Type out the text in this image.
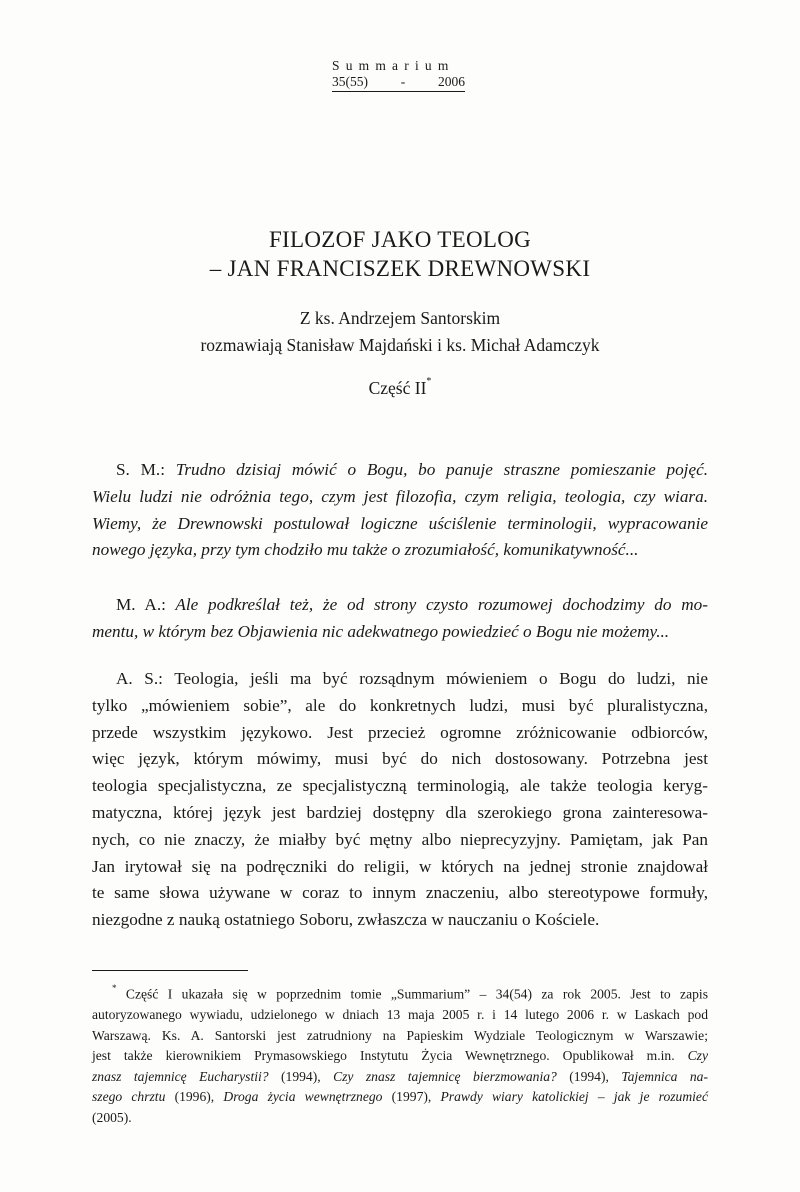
Summarium
35(55) - 2006
FILOZOF JAKO TEOLOG
– JAN FRANCISZEK DREWNOWSKI
Z ks. Andrzejem Santorskim
rozmawiają Stanisław Majdański i ks. Michał Adamczyk
Część II*
S. M.: Trudno dzisiaj mówić o Bogu, bo panuje straszne pomieszanie pojęć.
Wielu ludzi nie odróżnia tego, czym jest filozofia, czym religia, teologia, czy wiara.
Wiemy, że Drewnowski postulował logiczne uściślenie terminologii, wypracowanie
nowego języka, przy tym chodziło mu także o zrozumiałość, komunikatywność...
M. A.: Ale podkreślał też, że od strony czysto rozumowej dochodzimy do mo-
mentu, w którym bez Objawienia nic adekwatnego powiedzieć o Bogu nie możemy...
A. S.: Teologia, jeśli ma być rozsądnym mówieniem o Bogu do ludzi, nie
tylko „mówieniem sobie”, ale do konkretnych ludzi, musi być pluralistyczna,
przede wszystkim językowo. Jest przecież ogromne zróżnicowanie odbiorców,
więc język, którym mówimy, musi być do nich dostosowany. Potrzebna jest
teologia specjalistyczna, ze specjalistyczną terminologią, ale także teologia keryg-
matyczna, której język jest bardziej dostępny dla szerokiego grona zainteresowa-
nych, co nie znaczy, że miałby być mętny albo nieprecyzyjny. Pamiętam, jak Pan
Jan irytował się na podręczniki do religii, w których na jednej stronie znajdował
te same słowa używane w coraz to innym znaczeniu, albo stereotypowe formuły,
niezgodne z nauką ostatniego Soboru, zwłaszcza w nauczaniu o Kościele.
* Część I ukazała się w poprzednim tomie „Summarium” – 34(54) za rok 2005. Jest to zapis
autoryzowanego wywiadu, udzielonego w dniach 13 maja 2005 r. i 14 lutego 2006 r. w Laskach pod
Warszawą. Ks. A. Santorski jest zatrudniony na Papieskim Wydziale Teologicznym w Warszawie;
jest także kierownikiem Prymasowskiego Instytutu Życia Wewnętrznego. Opublikował m.in. Czy
znasz tajemnicę Eucharystii? (1994), Czy znasz tajemnicę bierzmowania? (1994), Tajemnica na-
szego chrztu (1996), Droga życia wewnętrznego (1997), Prawdy wiary katolickiej – jak je rozumieć
(2005).
